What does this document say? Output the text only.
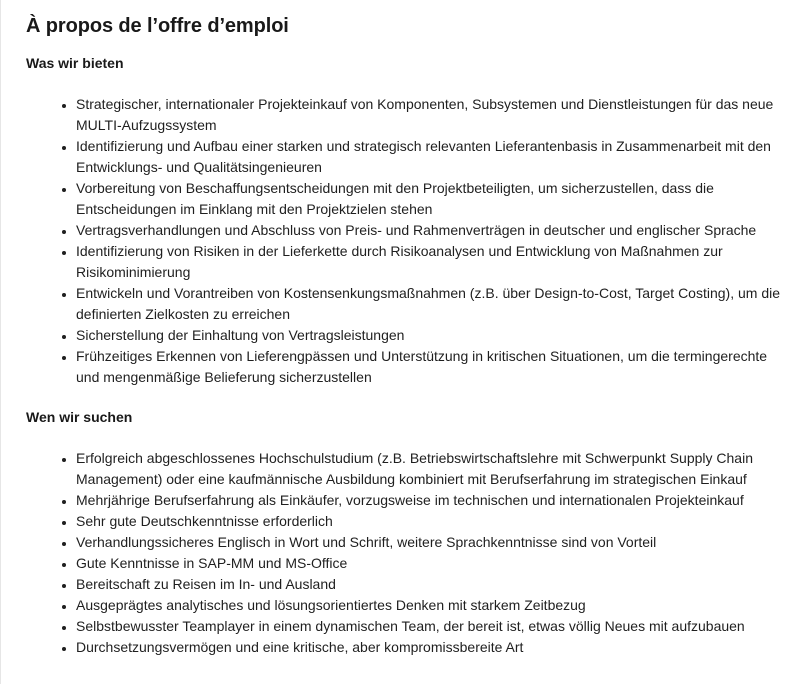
À propos de l’offre d’emploi
Was wir bieten
• Strategischer, internationaler Projekteinkauf von Komponenten, Subsystemen und Dienstleistungen für das neue MULTI-Aufzugssystem
• Identifizierung und Aufbau einer starken und strategisch relevanten Lieferantenbasis in Zusammenarbeit mit den Entwicklungs- und Qualitätsingenieuren
• Vorbereitung von Beschaffungsentscheidungen mit den Projektbeteiligten, um sicherzustellen, dass die Entscheidungen im Einklang mit den Projektzielen stehen
• Vertragsverhandlungen und Abschluss von Preis- und Rahmenverträgen in deutscher und englischer Sprache
• Identifizierung von Risiken in der Lieferkette durch Risikoanalysen und Entwicklung von Maßnahmen zur Risikominimierung
• Entwickeln und Vorantreiben von Kostensenkungsmaßnahmen (z.B. über Design-to-Cost, Target Costing), um die definierten Zielkosten zu erreichen
• Sicherstellung der Einhaltung von Vertragsleistungen
• Frühzeitiges Erkennen von Lieferengpässen und Unterstützung in kritischen Situationen, um die termingerechte und mengenmäßige Belieferung sicherzustellen
Wen wir suchen
• Erfolgreich abgeschlossenes Hochschulstudium (z.B. Betriebswirtschaftslehre mit Schwerpunkt Supply Chain Management) oder eine kaufmännische Ausbildung kombiniert mit Berufserfahrung im strategischen Einkauf
• Mehrjährige Berufserfahrung als Einkäufer, vorzugsweise im technischen und internationalen Projekteinkauf
• Sehr gute Deutschkenntnisse erforderlich
• Verhandlungssicheres Englisch in Wort und Schrift, weitere Sprachkenntnisse sind von Vorteil
• Gute Kenntnisse in SAP-MM und MS-Office
• Bereitschaft zu Reisen im In- und Ausland
• Ausgeprägtes analytisches und lösungsorientiertes Denken mit starkem Zeitbezug
• Selbstbewusster Teamplayer in einem dynamischen Team, der bereit ist, etwas völlig Neues mit aufzubauen
• Durchsetzungsvermögen und eine kritische, aber kompromissbereite Art
